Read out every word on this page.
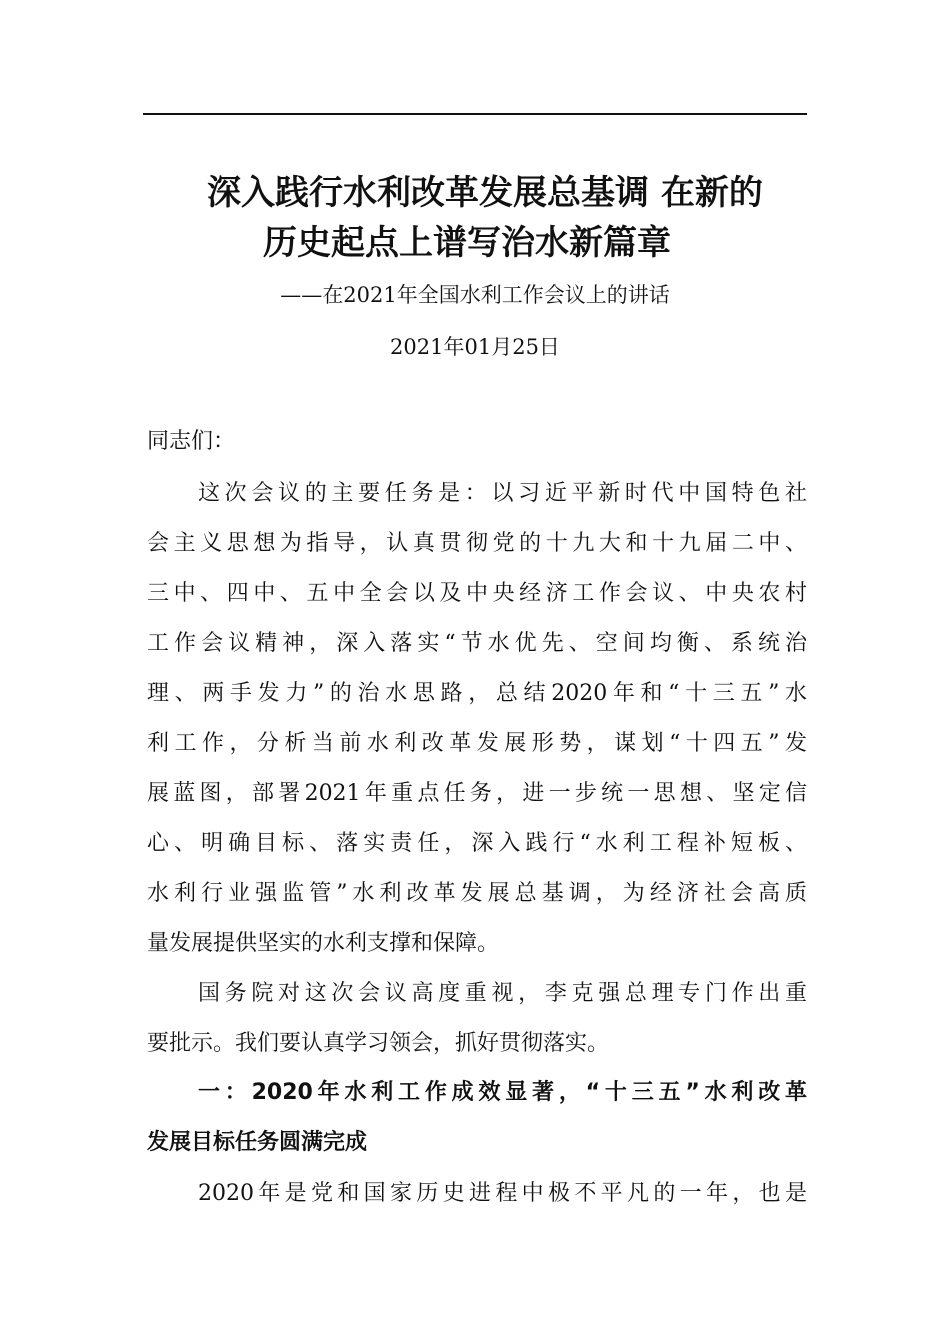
深入践行水利改革发展总基调 在新的
历史起点上谱写治水新篇章
——在2021年全国水利工作会议上的讲话
2021年01月25日
同志们：
这次会议的主要任务是：以习近平新时代中国特色社
会主义思想为指导，认真贯彻党的十九大和十九届二中、
三中、四中、五中全会以及中央经济工作会议、中央农村
工作会议精神，深入落实“节水优先、空间均衡、系统治
理、两手发力”的治水思路，总结2020年和“十三五”水
利工作，分析当前水利改革发展形势，谋划“十四五”发
展蓝图，部署2021年重点任务，进一步统一思想、坚定信
心、明确目标、落实责任，深入践行“水利工程补短板、
水利行业强监管”水利改革发展总基调，为经济社会高质
量发展提供坚实的水利支撑和保障。
国务院对这次会议高度重视，李克强总理专门作出重
要批示。我们要认真学习领会，抓好贯彻落实。
一：2020年水利工作成效显著，“十三五”水利改革
发展目标任务圆满完成
2020年是党和国家历史进程中极不平凡的一年，也是
